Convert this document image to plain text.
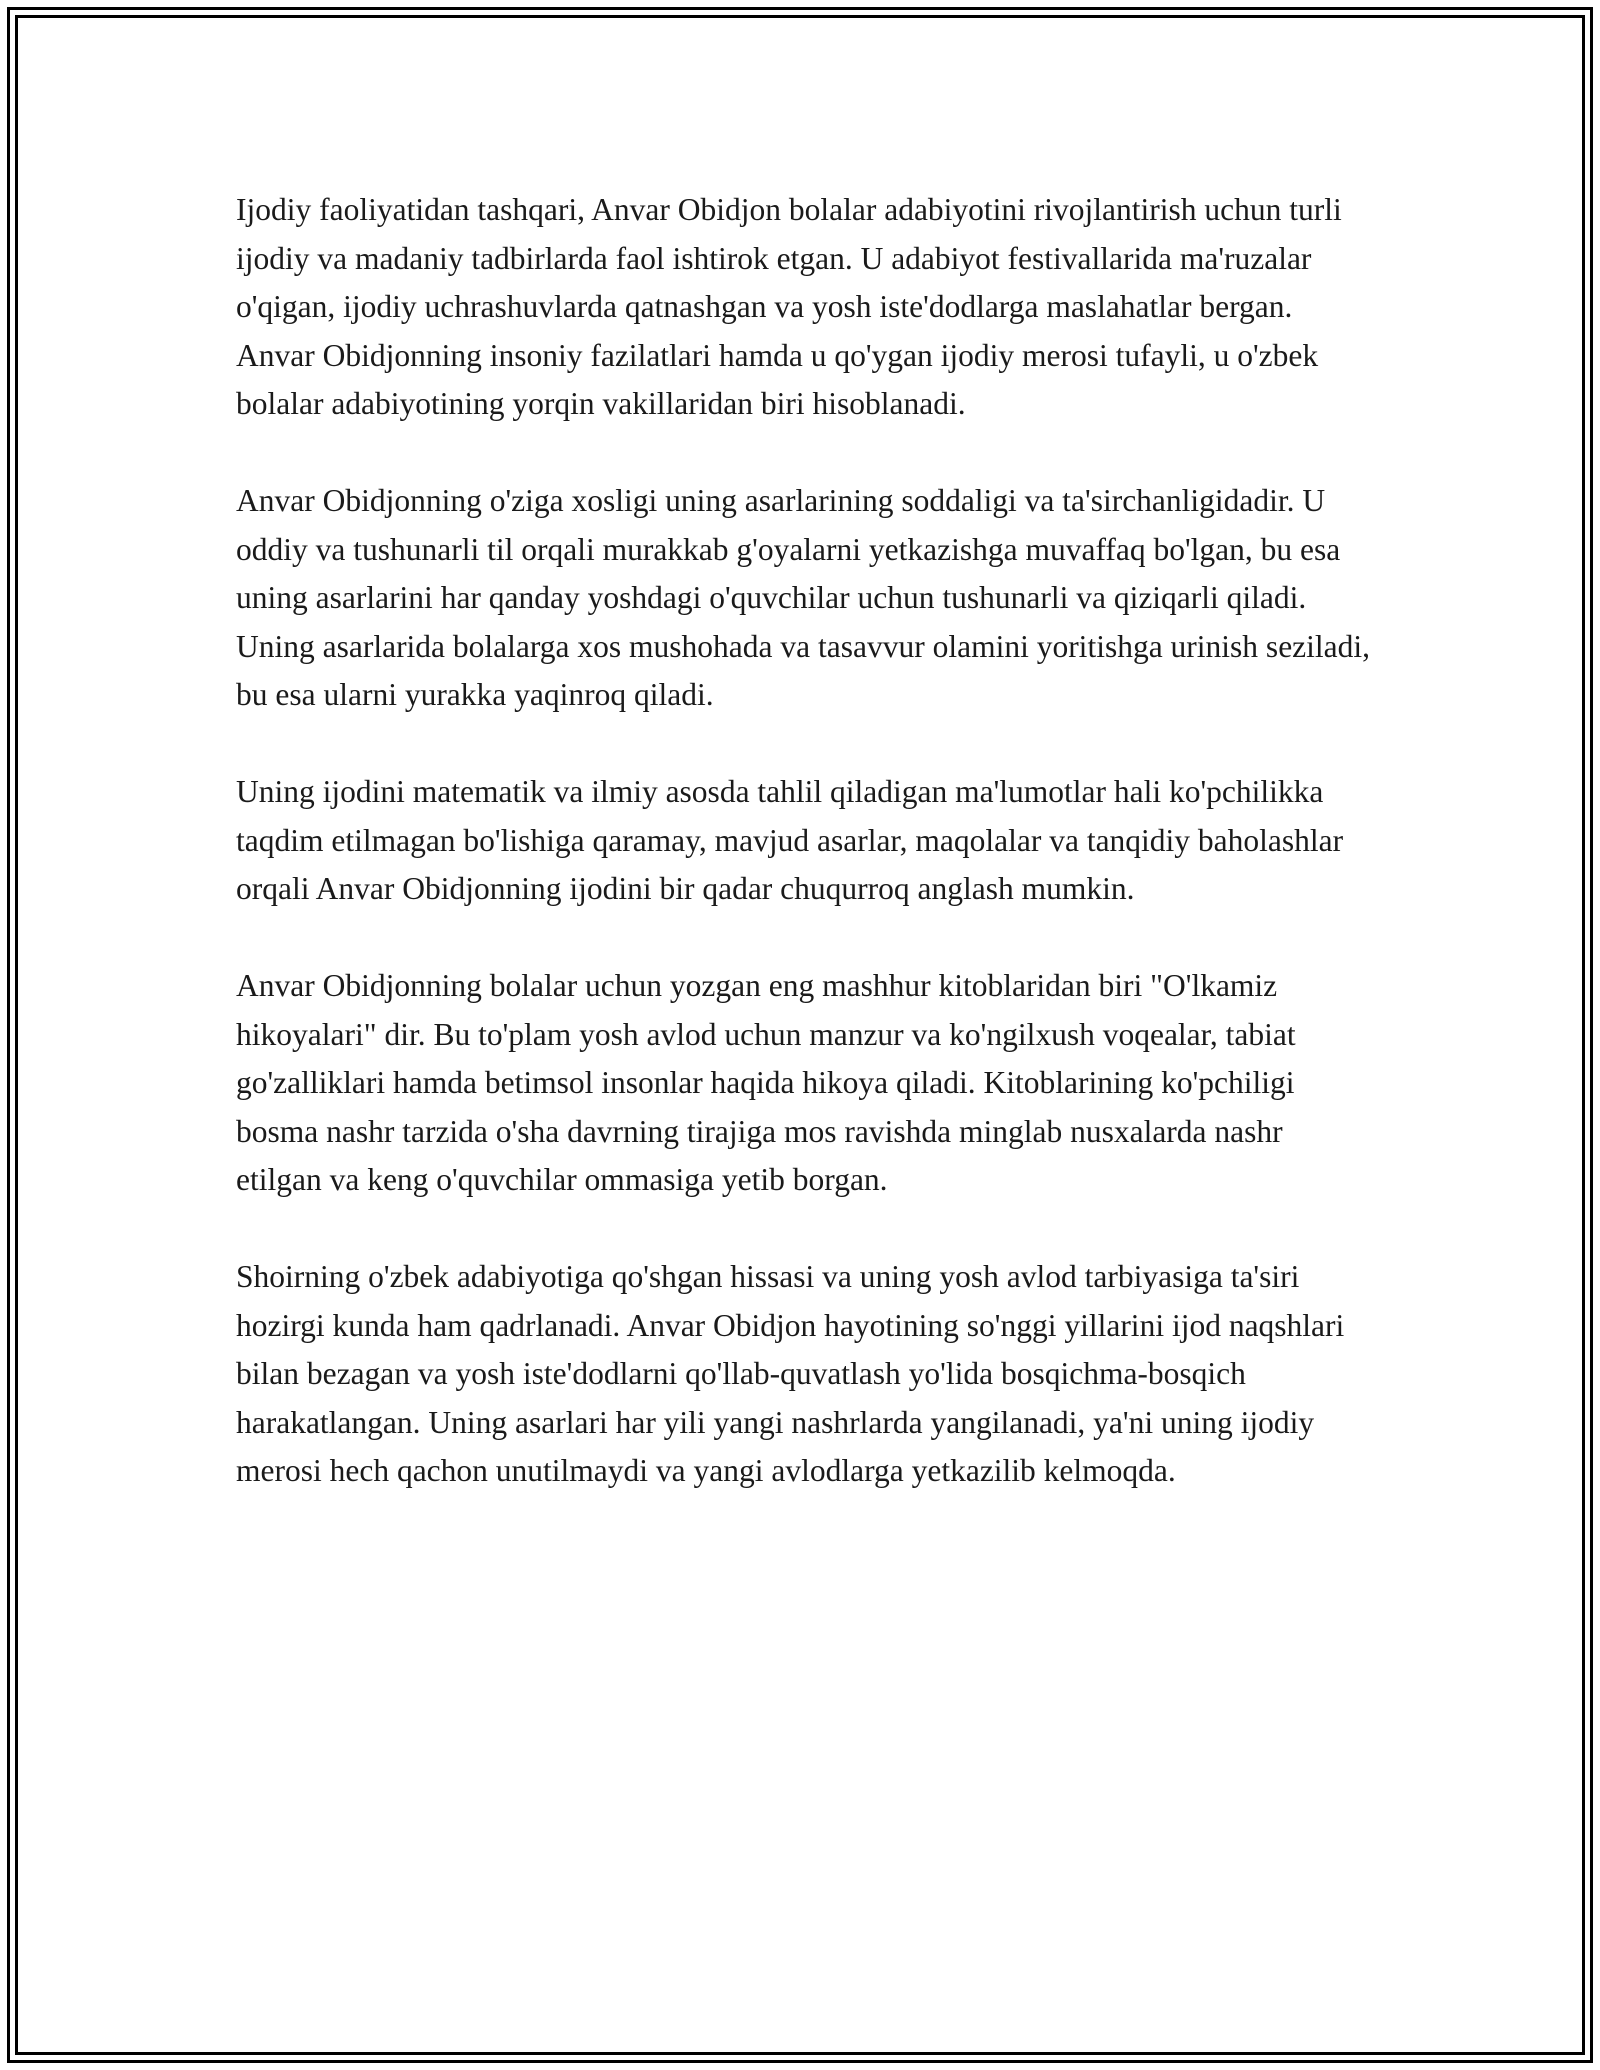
Ijodiy faoliyatidan tashqari, Anvar Obidjon bolalar adabiyotini rivojlantirish uchun turli ijodiy va madaniy tadbirlarda faol ishtirok etgan. U adabiyot festivallarida ma'ruzalar o'qigan, ijodiy uchrashuvlarda qatnashgan va yosh iste'dodlarga maslahatlar bergan. Anvar Obidjonning insoniy fazilatlari hamda u qo'ygan ijodiy merosi tufayli, u o'zbek bolalar adabiyotining yorqin vakillaridan biri hisoblanadi.

Anvar Obidjonning o'ziga xosligi uning asarlarining soddaligi va ta'sirchanligidadir. U oddiy va tushunarli til orqali murakkab g'oyalarni yetkazishga muvaffaq bo'lgan, bu esa uning asarlarini har qanday yoshdagi o'quvchilar uchun tushunarli va qiziqarli qiladi. Uning asarlarida bolalarga xos mushohada va tasavvur olamini yoritishga urinish seziladi, bu esa ularni yurakka yaqinroq qiladi.

Uning ijodini matematik va ilmiy asosda tahlil qiladigan ma'lumotlar hali ko'pchilikka taqdim etilmagan bo'lishiga qaramay, mavjud asarlar, maqolalar va tanqidiy baholashlar orqali Anvar Obidjonning ijodini bir qadar chuqurroq anglash mumkin.

Anvar Obidjonning bolalar uchun yozgan eng mashhur kitoblaridan biri "O'lkamiz hikoyalari" dir. Bu to'plam yosh avlod uchun manzur va ko'ngilxush voqealar, tabiat go'zalliklari hamda betimsol insonlar haqida hikoya qiladi. Kitoblarining ko'pchiligi bosma nashr tarzida o'sha davrning tirajiga mos ravishda minglab nusxalarda nashr etilgan va keng o'quvchilar ommasiga yetib borgan.

Shoirning o'zbek adabiyotiga qo'shgan hissasi va uning yosh avlod tarbiyasiga ta'siri hozirgi kunda ham qadrlanadi. Anvar Obidjon hayotining so'nggi yillarini ijod naqshlari bilan bezagan va yosh iste'dodlarni qo'llab-quvatlash yo'lida bosqichma-bosqich harakatlangan. Uning asarlari har yili yangi nashrlarda yangilanadi, ya'ni uning ijodiy merosi hech qachon unutilmaydi va yangi avlodlarga yetkazilib kelmoqda.
